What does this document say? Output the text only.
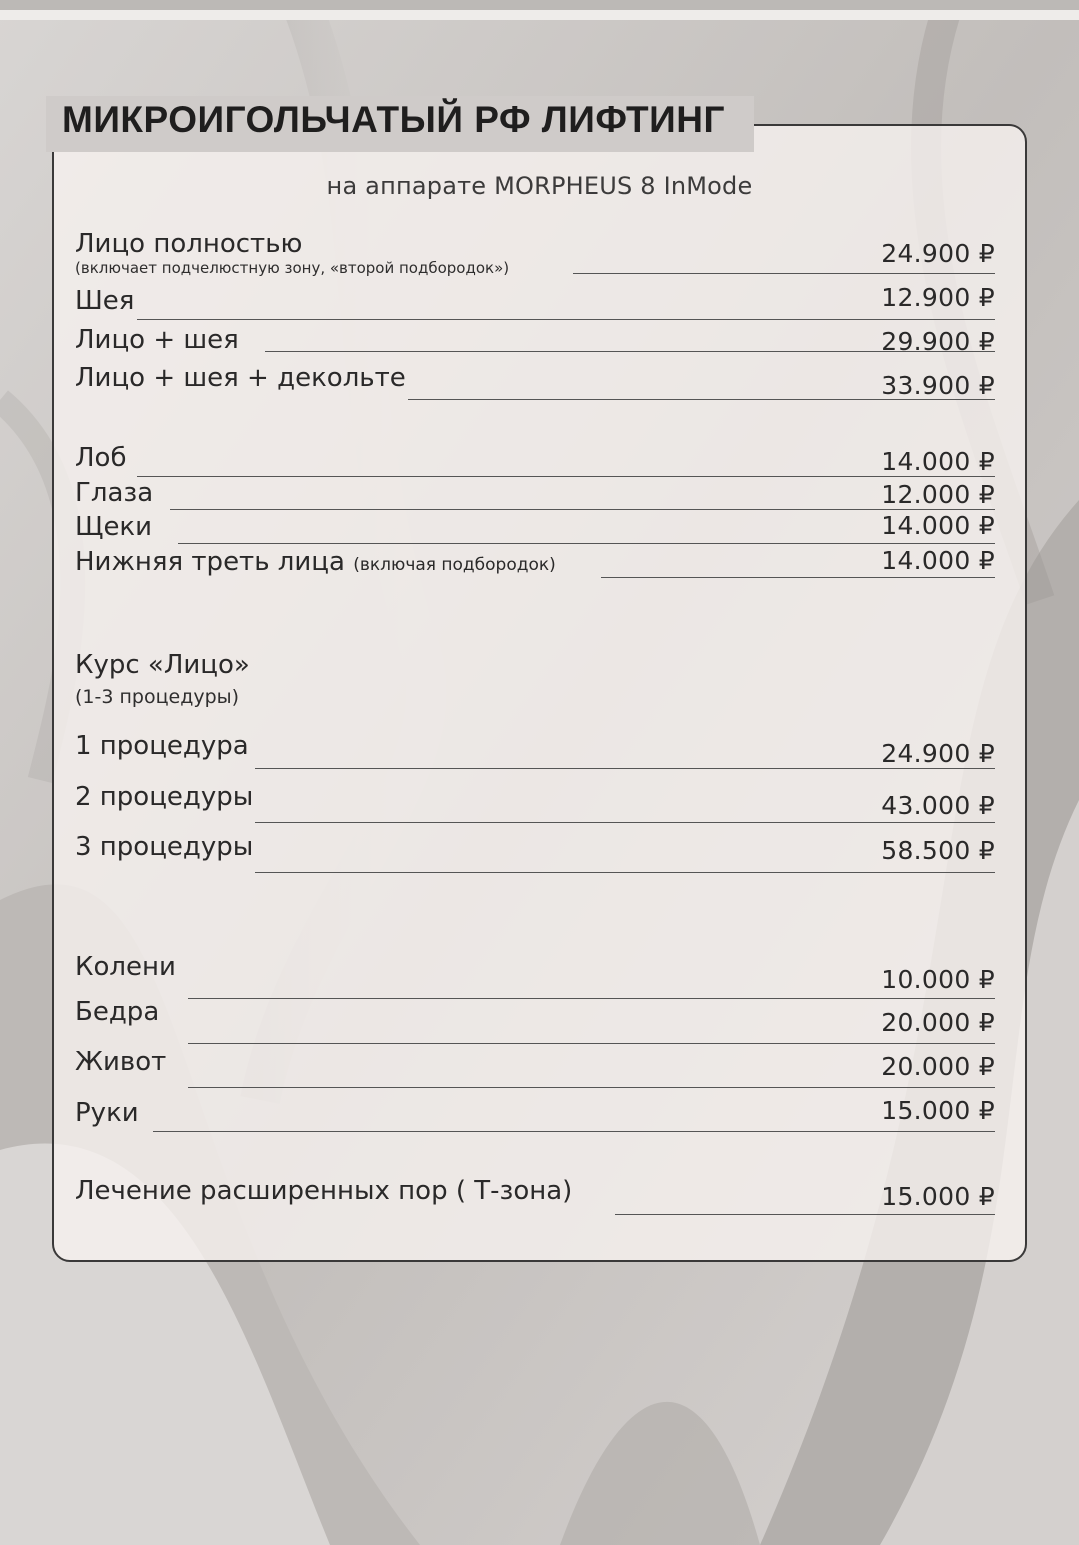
МИКРОИГОЛЬЧАТЫЙ РФ ЛИФТИНГ
на аппарате MORPHEUS 8 InMode
Лицо полностью	24.900 ₽
(включает подчелюстную зону, «второй подбородок»)
Шея	12.900 ₽
Лицо + шея	29.900 ₽
Лицо + шея + декольте	33.900 ₽
Лоб	14.000 ₽
Глаза	12.000 ₽
Щеки	14.000 ₽
Нижняя треть лица (включая подбородок)	14.000 ₽
Курс «Лицо»
(1-3 процедуры)
1 процедура	24.900 ₽
2 процедуры	43.000 ₽
3 процедуры	58.500 ₽
Колени	10.000 ₽
Бедра	20.000 ₽
Живот	20.000 ₽
Руки	15.000 ₽
Лечение расширенных пор ( Т-зона)	15.000 ₽
